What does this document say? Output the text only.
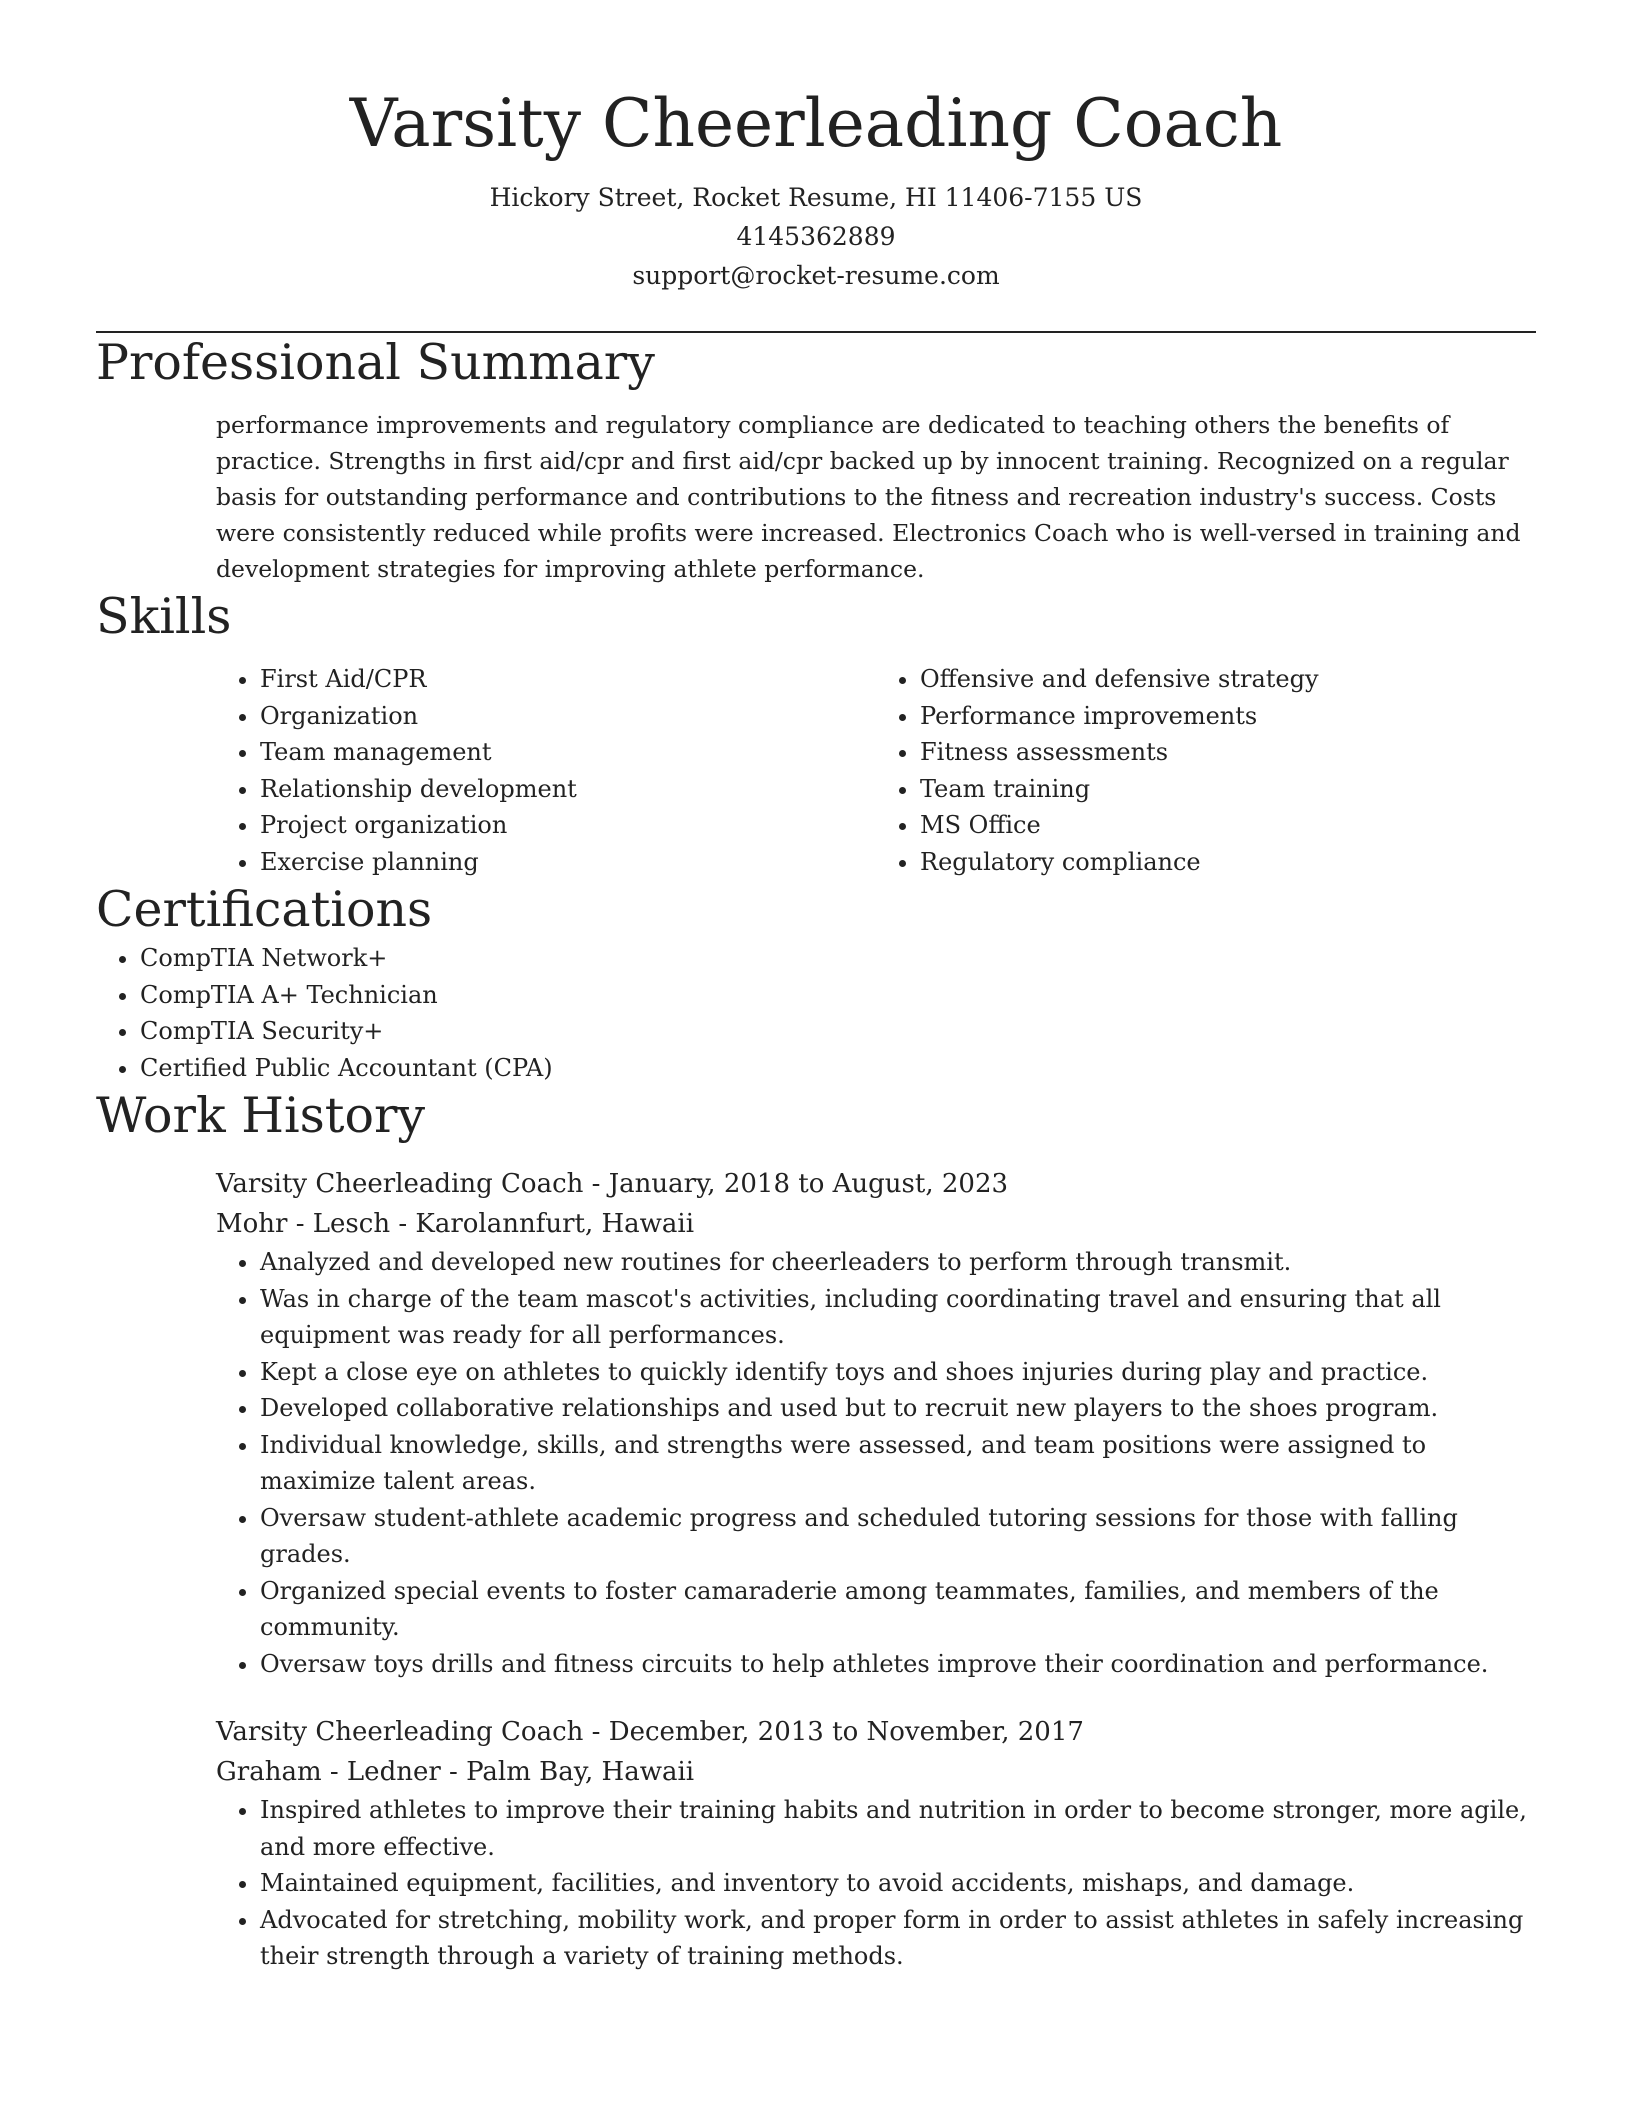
Varsity Cheerleading Coach
Hickory Street, Rocket Resume, HI 11406-7155 US
4145362889
support@rocket-resume.com
Professional Summary

performance improvements and regulatory compliance are dedicated to teaching others the benefits of practice. Strengths in first aid/cpr and first aid/cpr backed up by innocent training. Recognized on a regular basis for outstanding performance and contributions to the fitness and recreation industry's success. Costs were consistently reduced while profits were increased. Electronics Coach who is well-versed in training and development strategies for improving athlete performance.

Skills
• First Aid/CPR
• Organization
• Team management
• Relationship development
• Project organization
• Exercise planning
• Offensive and defensive strategy
• Performance improvements
• Fitness assessments
• Team training
• MS Office
• Regulatory compliance
Certifications
• CompTIA Network+
• CompTIA A+ Technician
• CompTIA Security+
• Certified Public Accountant (CPA)
Work History
Varsity Cheerleading Coach - January, 2018 to August, 2023
Mohr - Lesch - Karolannfurt, Hawaii
• Analyzed and developed new routines for cheerleaders to perform through transmit.
• Was in charge of the team mascot's activities, including coordinating travel and ensuring that all equipment was ready for all performances.
• Kept a close eye on athletes to quickly identify toys and shoes injuries during play and practice.
• Developed collaborative relationships and used but to recruit new players to the shoes program.
• Individual knowledge, skills, and strengths were assessed, and team positions were assigned to maximize talent areas.
• Oversaw student-athlete academic progress and scheduled tutoring sessions for those with falling grades.
• Organized special events to foster camaraderie among teammates, families, and members of the community.
• Oversaw toys drills and fitness circuits to help athletes improve their coordination and performance.
Varsity Cheerleading Coach - December, 2013 to November, 2017
Graham - Ledner - Palm Bay, Hawaii
• Inspired athletes to improve their training habits and nutrition in order to become stronger, more agile, and more effective.
• Maintained equipment, facilities, and inventory to avoid accidents, mishaps, and damage.
• Advocated for stretching, mobility work, and proper form in order to assist athletes in safely increasing their strength through a variety of training methods.
